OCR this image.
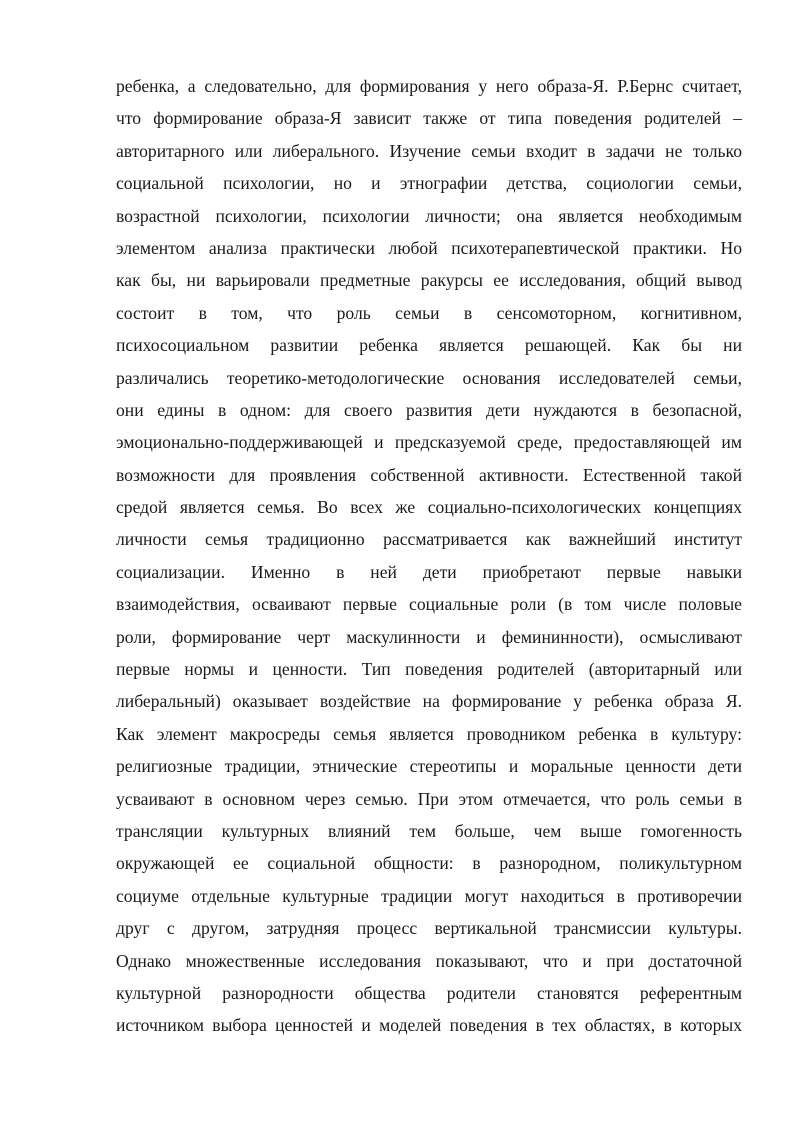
ребенка, а следовательно, для формирования у него образа-Я. Р.Бернс считает,
что формирование образа-Я зависит также от типа поведения родителей –
авторитарного или либерального. Изучение семьи входит в задачи не только
социальной психологии, но и этнографии детства, социологии семьи,
возрастной психологии, психологии личности; она является необходимым
элементом анализа практически любой психотерапевтической практики. Но
как бы, ни варьировали предметные ракурсы ее исследования, общий вывод
состоит в том, что роль семьи в сенсомоторном, когнитивном,
психосоциальном развитии ребенка является решающей. Как бы ни
различались теоретико-методологические основания исследователей семьи,
они едины в одном: для своего развития дети нуждаются в безопасной,
эмоционально-поддерживающей и предсказуемой среде, предоставляющей им
возможности для проявления собственной активности. Естественной такой
средой является семья. Во всех же социально-психологических концепциях
личности семья традиционно рассматривается как важнейший институт
социализации. Именно в ней дети приобретают первые навыки
взаимодействия, осваивают первые социальные роли (в том числе половые
роли, формирование черт маскулинности и фемининности), осмысливают
первые нормы и ценности. Тип поведения родителей (авторитарный или
либеральный) оказывает воздействие на формирование у ребенка образа Я.
Как элемент макросреды семья является проводником ребенка в культуру:
религиозные традиции, этнические стереотипы и моральные ценности дети
усваивают в основном через семью. При этом отмечается, что роль семьи в
трансляции культурных влияний тем больше, чем выше гомогенность
окружающей ее социальной общности: в разнородном, поликультурном
социуме отдельные культурные традиции могут находиться в противоречии
друг с другом, затрудняя процесс вертикальной трансмиссии культуры.
Однако множественные исследования показывают, что и при достаточной
культурной разнородности общества родители становятся референтным
источником выбора ценностей и моделей поведения в тех областях, в которых
